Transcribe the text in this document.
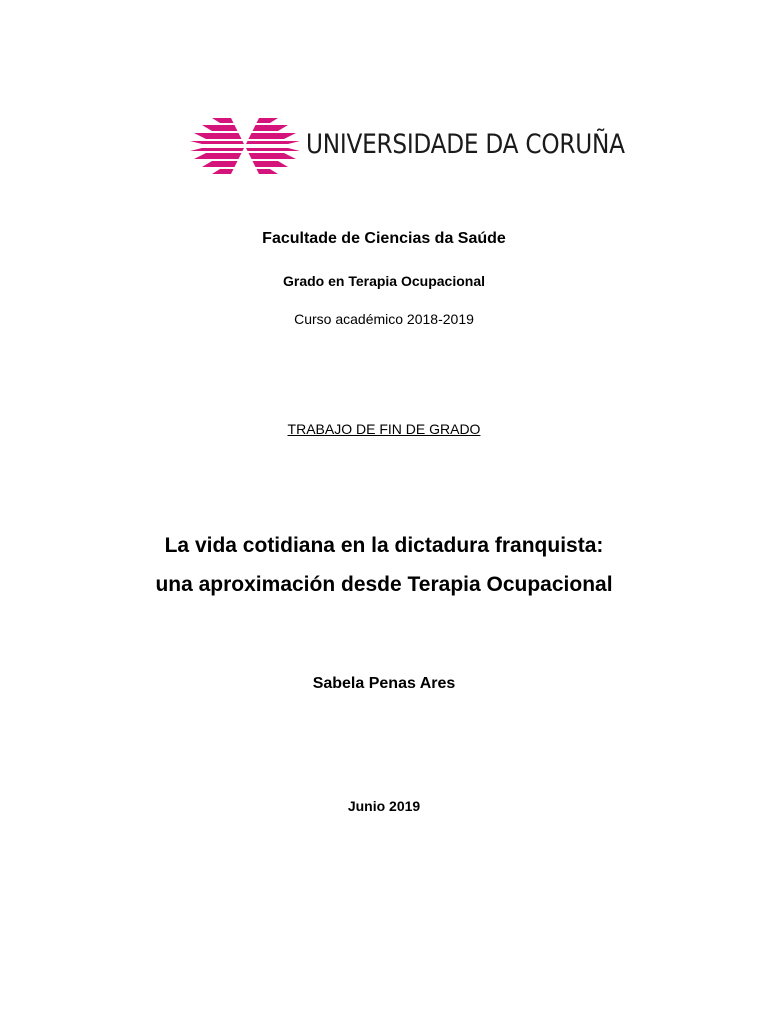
UNIVERSIDADE DA CORUÑA
Facultade de Ciencias da Saúde
Grado en Terapia Ocupacional
Curso académico 2018-2019
TRABAJO DE FIN DE GRADO
La vida cotidiana en la dictadura franquista:
una aproximación desde Terapia Ocupacional
Sabela Penas Ares
Junio 2019
